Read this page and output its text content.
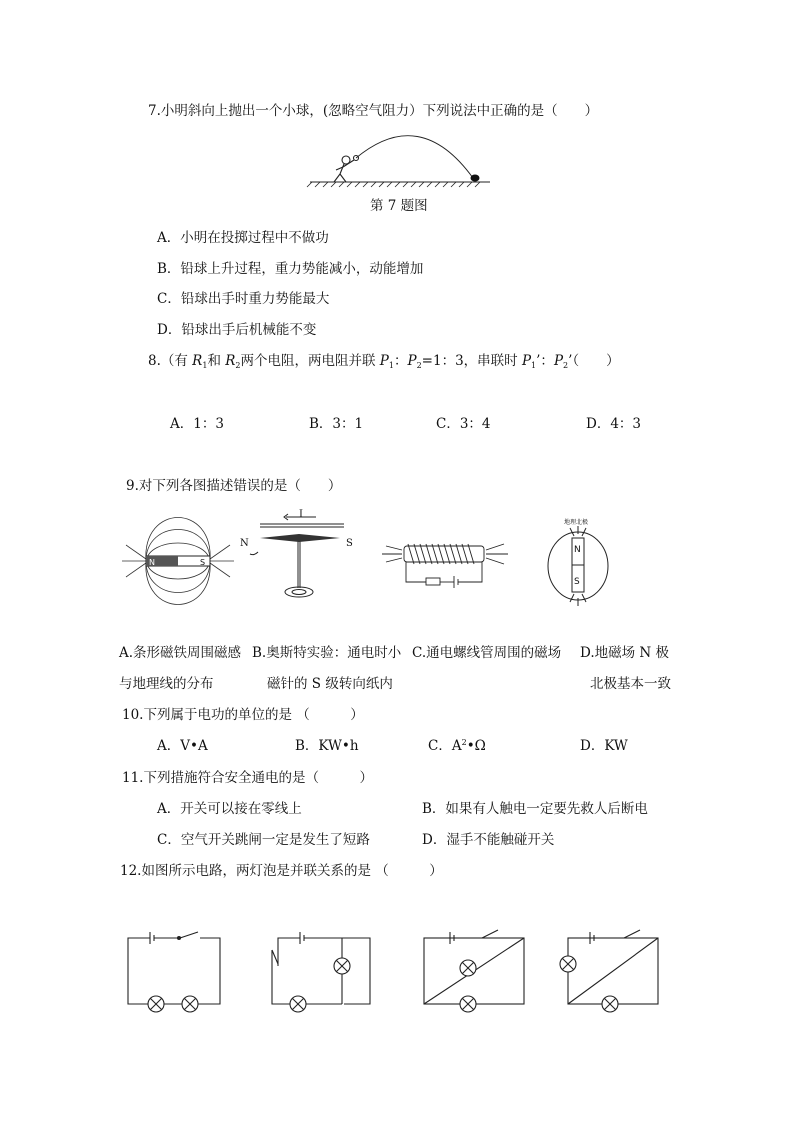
7.小明斜向上抛出一个小球，(忽略空气阻力）下列说法中正确的是（　　）
第 7 题图
A．小明在投掷过程中不做功
B．铅球上升过程，重力势能减小，动能增加
C．铅球出手时重力势能最大
D．铅球出手后机械能不变
8.（有 $R_1$和 $R_2$两个电阻，两电阻并联 $P_1$：$P_2=1$：3，串联时 $P_1$’：$P_2$’（　　）
A．1：3	B．3：1	C．3：4	D．4：3
9.对下列各图描述错误的是（　　）
N	S
I
N	S
N
S
地理北极
A.条形磁铁周围磁感 B.奥斯特实验：通电时小 C.通电螺线管周围的磁场 D.地磁场 N 极
与地理线的分布	磁针的 S 级转向纸内	北极基本一致
10.下列属于电功的单位的是 （　　　）
A．V•A	B．KW•h	C．$A^2•\Omega$	D．KW
11.下列措施符合安全通电的是（　　　）
A．开关可以接在零线上	B．如果有人触电一定要先救人后断电
C．空气开关跳闸一定是发生了短路	D．湿手不能触碰开关
12.如图所示电路，两灯泡是并联关系的是 （　　　）
